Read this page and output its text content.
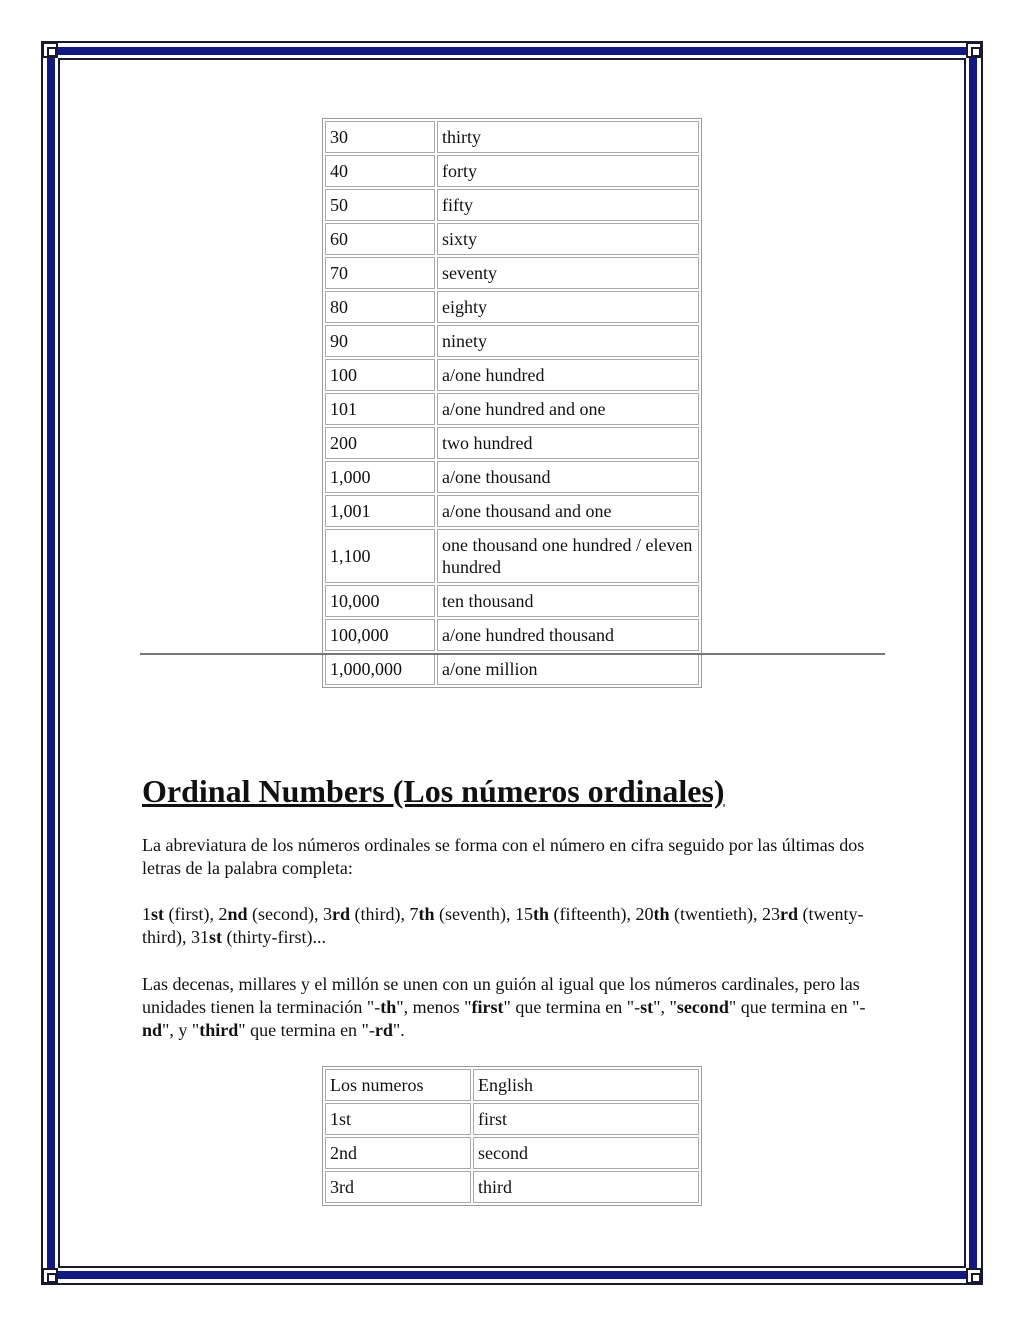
30	thirty
40	forty
50	fifty
60	sixty
70	seventy
80	eighty
90	ninety
100	a/one hundred
101	a/one hundred and one
200	two hundred
1,000	a/one thousand
1,001	a/one thousand and one
1,100	one thousand one hundred / eleven hundred
10,000	ten thousand
100,000	a/one hundred thousand
1,000,000	a/one million
Ordinal Numbers (Los números ordinales)

La abreviatura de los números ordinales se forma con el número en cifra seguido por las últimas dos letras de la palabra completa:

1st (first), 2nd (second), 3rd (third), 7th (seventh), 15th (fifteenth), 20th (twentieth), 23rd (twenty-third), 31st (thirty-first)...

Las decenas, millares y el millón se unen con un guión al igual que los números cardinales, pero las unidades tienen la terminación "-th", menos "first" que termina en "-st", "second" que termina en "-nd", y "third" que termina en "-rd".

Los numeros	English
1st	first
2nd	second
3rd	third
